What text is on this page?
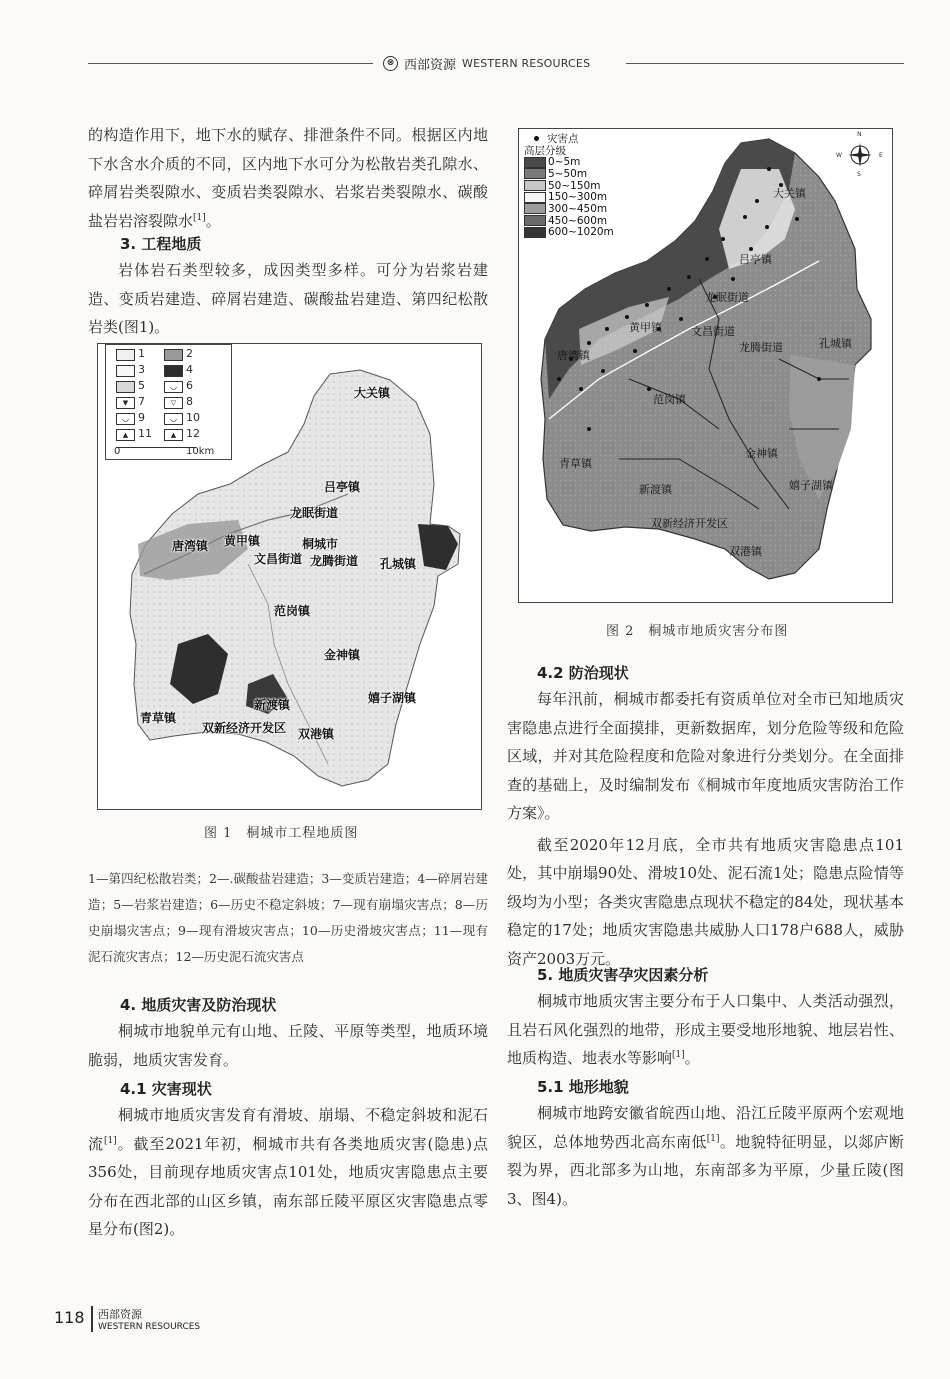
⊗ 西部资源 WESTERN RESOURCES

的构造作用下，地下水的赋存、排泄条件不同。根据区内地下水含水介质的不同，区内地下水可分为松散岩类孔隙水、碎屑岩类裂隙水、变质岩类裂隙水、岩浆岩类裂隙水、碳酸盐岩岩溶裂隙水[1]。

3. 工程地质

岩体岩石类型较多，成因类型多样。可分为岩浆岩建造、变质岩建造、碎屑岩建造、碳酸盐岩建造、第四纪松散岩类(图1)。

1	2
3	4
5	◡ 6
▼ 7	▽ 8
◡ 9	◡ 10
▲ 11	▲ 12
0	10km
大关镇
吕亭镇
龙眠街道
唐湾镇 黄甲镇	桐城市
文昌街道 龙腾街道 孔城镇
范岗镇
金神镇
新渡镇	嬉子湖镇
青草镇
双新经济开发区 双港镇
图 1　桐城市工程地质图
1—第四纪松散岩类；2—.碳酸盐岩建造；3—变质岩建造；4—碎屑岩建造；5—岩浆岩建造；6—历史不稳定斜坡；7—现有崩塌灾害点；8—历史崩塌灾害点；9—现有滑坡灾害点；10—历史滑坡灾害点；11—现有泥石流灾害点；12—历史泥石流灾害点
4. 地质灾害及防治现状

桐城市地貌单元有山地、丘陵、平原等类型，地质环境脆弱，地质灾害发育。

4.1 灾害现状

桐城市地质灾害发育有滑坡、崩塌、不稳定斜坡和泥石流[1]。截至2021年初，桐城市共有各类地质灾害(隐患)点356处，目前现存地质灾害点101处，地质灾害隐患点主要分布在西北部的山区乡镇，南东部丘陵平原区灾害隐患点零星分布(图2)。

灾害点
高层分级
0~5m
5~50m
50~150m
150~300m
300~450m
450~600m
600~1020m
N
S
W	E
大关镇
吕亭镇
龙眠街道
黄甲镇	文昌街道
龙腾街道	孔城镇
唐湾镇
范岗镇
金神镇
青草镇
新渡镇	嬉子湖镇
双新经济开发区
双港镇
图 2　桐城市地质灾害分布图
4.2 防治现状

每年汛前，桐城市都委托有资质单位对全市已知地质灾害隐患点进行全面摸排，更新数据库，划分危险等级和危险区域，并对其危险程度和危险对象进行分类划分。在全面排查的基础上，及时编制发布《桐城市年度地质灾害防治工作方案》。

截至2020年12月底，全市共有地质灾害隐患点101处，其中崩塌90处、滑坡10处、泥石流1处；隐患点险情等级均为小型；各类灾害隐患点现状不稳定的84处，现状基本稳定的17处；地质灾害隐患共威胁人口178户688人，威胁资产2003万元。

5. 地质灾害孕灾因素分析

桐城市地质灾害主要分布于人口集中、人类活动强烈，且岩石风化强烈的地带，形成主要受地形地貌、地层岩性、地质构造、地表水等影响[1]。

5.1 地形地貌

桐城市地跨安徽省皖西山地、沿江丘陵平原两个宏观地貌区，总体地势西北高东南低[1]。地貌特征明显，以郯庐断裂为界，西北部多为山地，东南部多为平原，少量丘陵(图3、图4)。

118 西部资源
WESTERN RESOURCES
